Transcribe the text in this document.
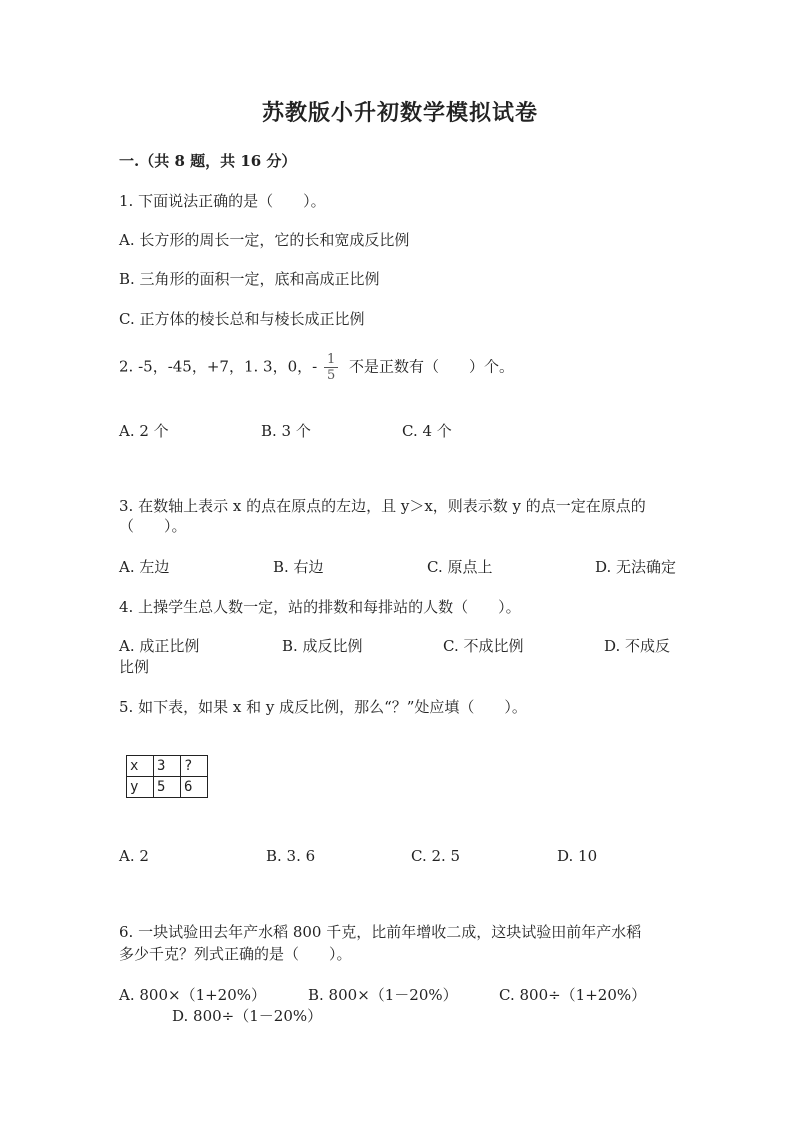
苏教版小升初数学模拟试卷
一.（共 8 题，共 16 分）
1. 下面说法正确的是（　　）。
A. 长方形的周长一定，它的长和宽成反比例
B. 三角形的面积一定，底和高成正比例
C. 正方体的棱长总和与棱长成正比例
2. -5，-45，+7，1. 3，0，- $\frac{1}{5}$ 不是正数有（　　）个。
A. 2 个	B. 3 个	C. 4 个
3. 在数轴上表示 x 的点在原点的左边，且 y＞x，则表示数 y 的点一定在原点的
（　　）。
A. 左边	B. 右边	C. 原点上	D. 无法确定
4. 上操学生总人数一定，站的排数和每排站的人数（　　）。
A. 成正比例	B. 成反比例	C. 不成比例	D. 不成反
比例
5. 如下表，如果 x 和 y 成反比例，那么“？”处应填（　　）。
x	3	?
y	5	6
A. 2	B. 3. 6	C. 2. 5	D. 10
6. 一块试验田去年产水稻 800 千克，比前年增收二成，这块试验田前年产水稻
多少千克？列式正确的是（　　）。
A. 800×（1+20%）	B. 800×（1－20%）	C. 800÷（1+20%）
D. 800÷（1－20%）
